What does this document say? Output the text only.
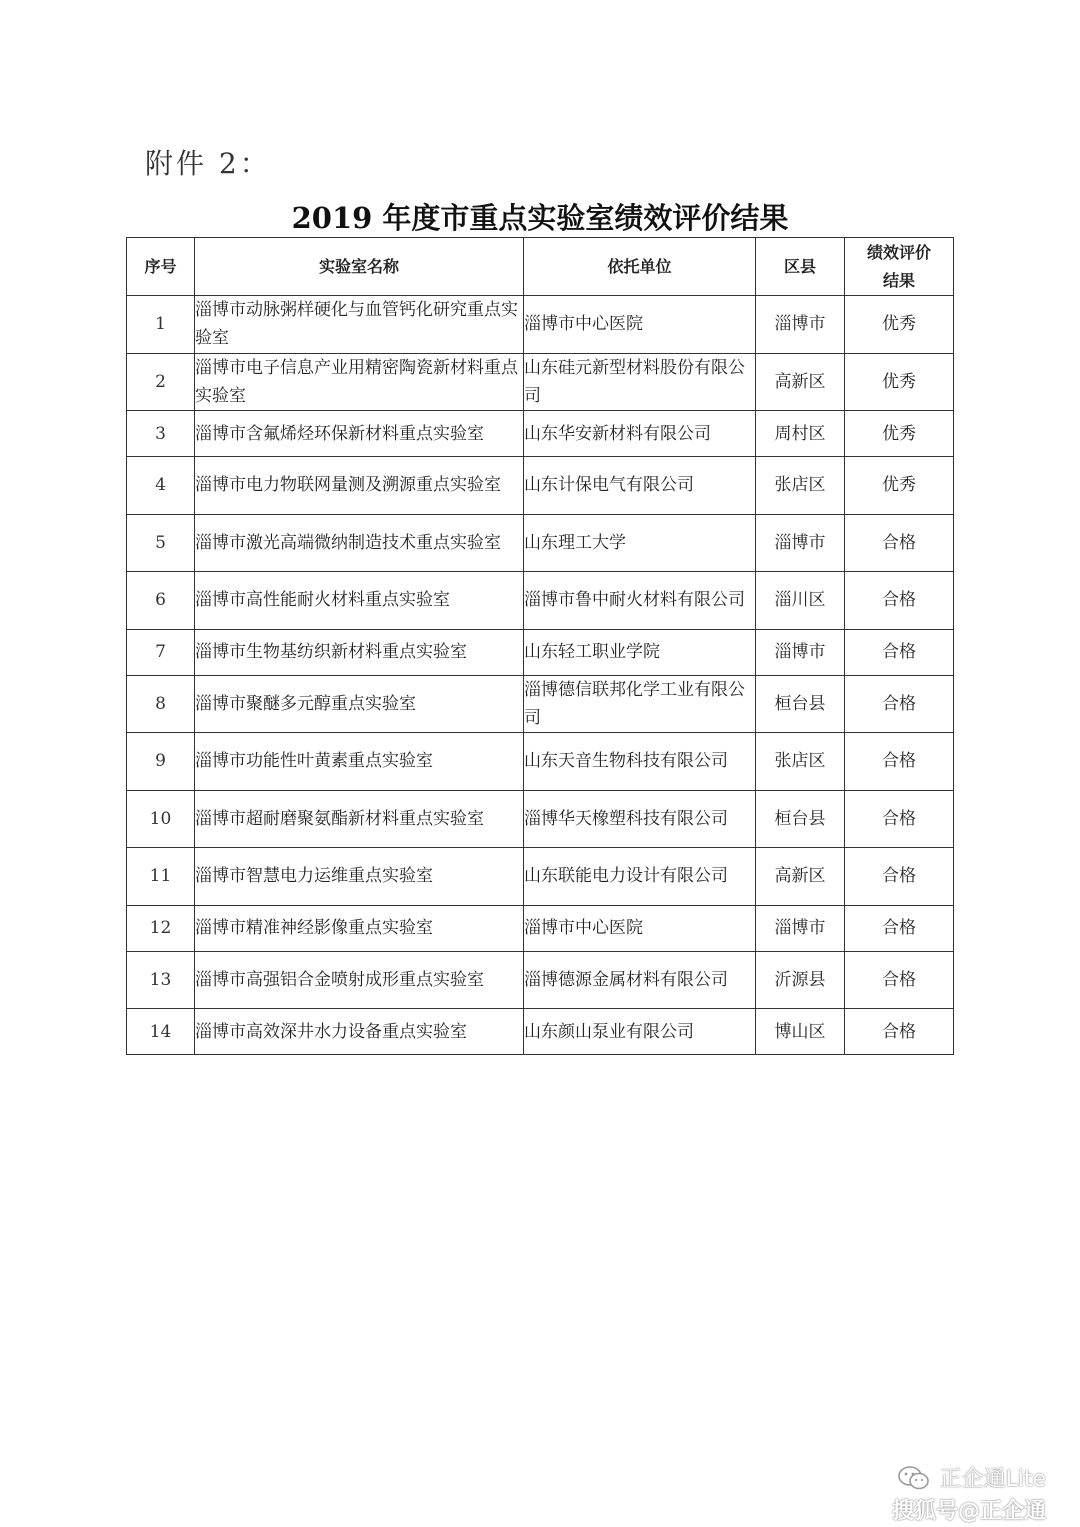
附件 2：
2019 年度市重点实验室绩效评价结果
序号	实验室名称	依托单位	区县	绩效评价
结果
1	淄博市动脉粥样硬化与血管钙化研究重点实验室	淄博市中心医院	淄博市	优秀
2	淄博市电子信息产业用精密陶瓷新材料重点实验室	山东硅元新型材料股份有限公司	高新区	优秀
3	淄博市含氟烯烃环保新材料重点实验室	山东华安新材料有限公司	周村区	优秀
4	淄博市电力物联网量测及溯源重点实验室	山东计保电气有限公司	张店区	优秀
5	淄博市激光高端微纳制造技术重点实验室	山东理工大学	淄博市	合格
6	淄博市高性能耐火材料重点实验室	淄博市鲁中耐火材料有限公司	淄川区	合格
7	淄博市生物基纺织新材料重点实验室	山东轻工职业学院	淄博市	合格
8	淄博市聚醚多元醇重点实验室	淄博德信联邦化学工业有限公司	桓台县	合格
9	淄博市功能性叶黄素重点实验室	山东天音生物科技有限公司	张店区	合格
10	淄博市超耐磨聚氨酯新材料重点实验室	淄博华天橡塑科技有限公司	桓台县	合格
11	淄博市智慧电力运维重点实验室	山东联能电力设计有限公司	高新区	合格
12	淄博市精准神经影像重点实验室	淄博市中心医院	淄博市	合格
13	淄博市高强铝合金喷射成形重点实验室	淄博德源金属材料有限公司	沂源县	合格
14	淄博市高效深井水力设备重点实验室	山东颜山泵业有限公司	博山区	合格
正企通Lite
搜狐号@正企通
